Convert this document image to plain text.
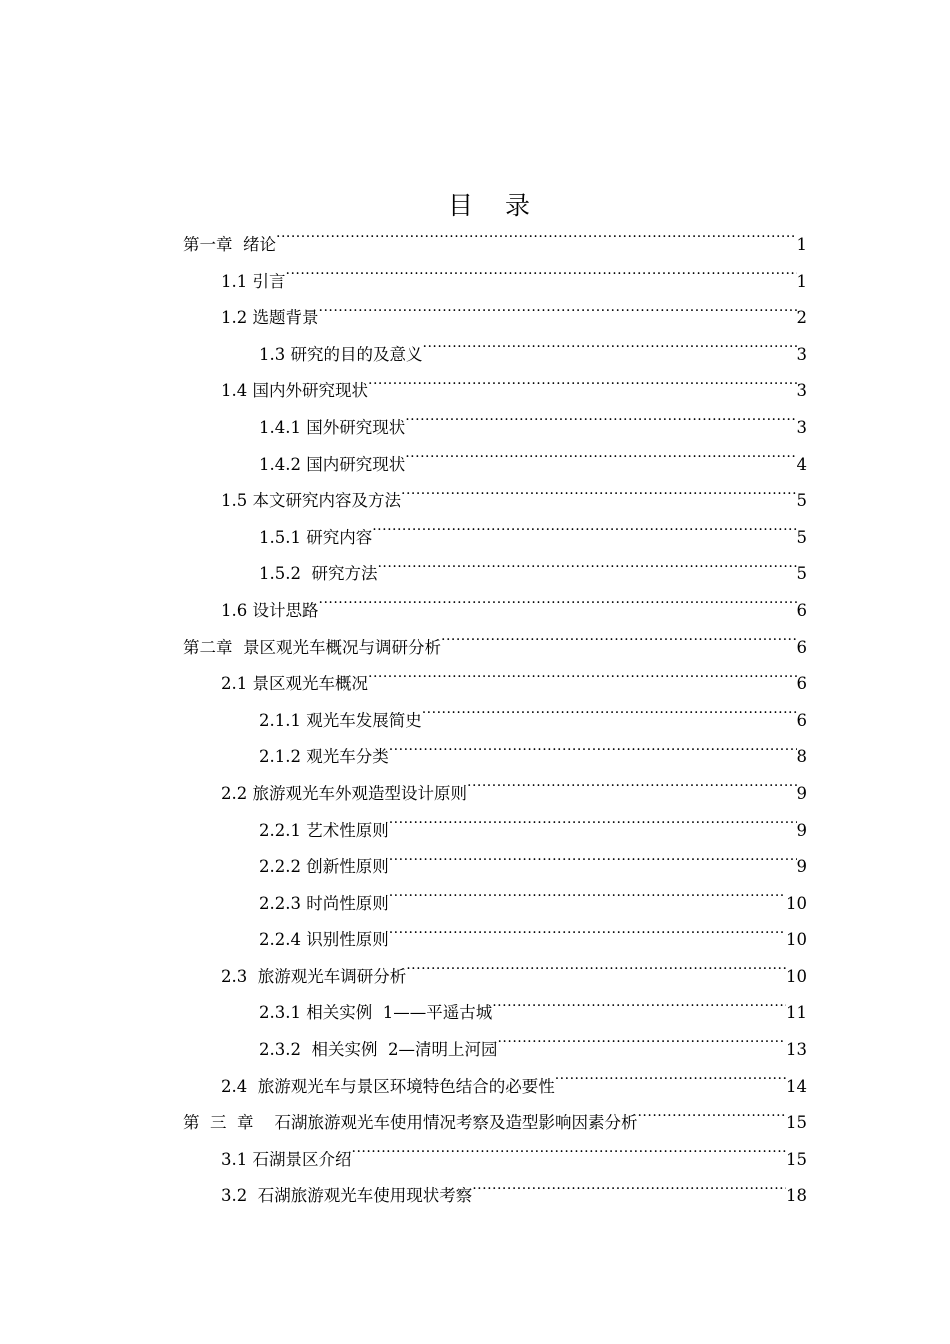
目 录
第一章  绪论 .....	1
1.1 引言 .....	1
1.2 选题背景 .....	2
1.3 研究的目的及意义 .....	3
1.4 国内外研究现状 .....	3
1.4.1 国外研究现状 .....	3
1.4.2 国内研究现状 .....	4
1.5 本文研究内容及方法 .....	5
1.5.1 研究内容 .....	5
1.5.2  研究方法 .....	5
1.6 设计思路 .....	6
第二章  景区观光车概况与调研分析 .....	6
2.1 景区观光车概况 .....	6
2.1.1 观光车发展简史 .....	6
2.1.2 观光车分类 .....	8
2.2 旅游观光车外观造型设计原则 .....	9
2.2.1 艺术性原则 .....	9
2.2.2 创新性原则 .....	9
2.2.3 时尚性原则 .....	10
2.2.4 识别性原则 .....	10
2.3  旅游观光车调研分析 .....	10
2.3.1 相关实例  1——平遥古城 .....	11
2.3.2  相关实例  2—清明上河园 .....	13
2.4  旅游观光车与景区环境特色结合的必要性 .....	14
第  三  章    石湖旅游观光车使用情况考察及造型影响因素分析 .....	15
3.1 石湖景区介绍 .....	15
3.2  石湖旅游观光车使用现状考察 .....	18
